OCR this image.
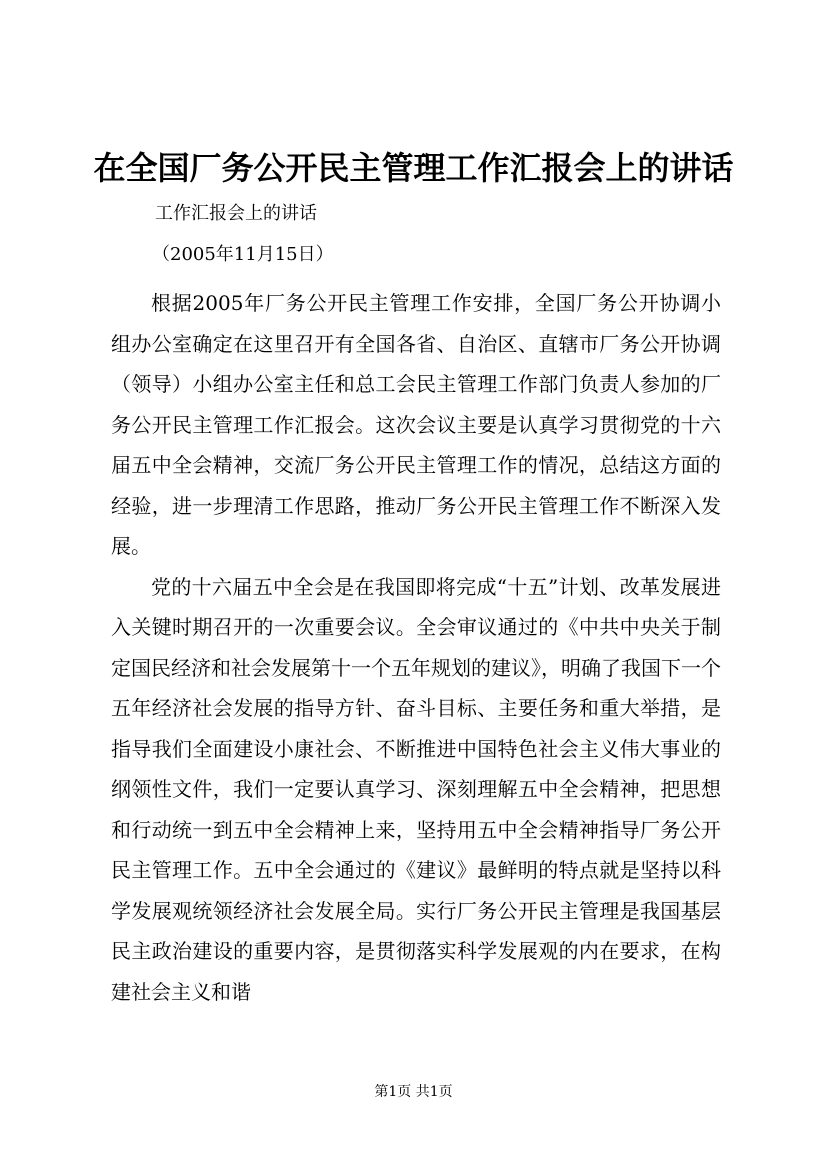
在全国厂务公开民主管理工作汇报会上的讲话
工作汇报会上的讲话
（2005年11月15日）

根据2005年厂务公开民主管理工作安排，全国厂务公开协调小组办公室确定在这里召开有全国各省、自治区、直辖市厂务公开协调（领导）小组办公室主任和总工会民主管理工作部门负责人参加的厂务公开民主管理工作汇报会。这次会议主要是认真学习贯彻党的十六届五中全会精神，交流厂务公开民主管理工作的情况，总结这方面的经验，进一步理清工作思路，推动厂务公开民主管理工作不断深入发展。

党的十六届五中全会是在我国即将完成“十五”计划、改革发展进入关键时期召开的一次重要会议。全会审议通过的《中共中央关于制定国民经济和社会发展第十一个五年规划的建议》，明确了我国下一个五年经济社会发展的指导方针、奋斗目标、主要任务和重大举措，是指导我们全面建设小康社会、不断推进中国特色社会主义伟大事业的纲领性文件，我们一定要认真学习、深刻理解五中全会精神，把思想和行动统一到五中全会精神上来，坚持用五中全会精神指导厂务公开民主管理工作。五中全会通过的《建议》最鲜明的特点就是坚持以科学发展观统领经济社会发展全局。实行厂务公开民主管理是我国基层民主政治建设的重要内容，是贯彻落实科学发展观的内在要求，在构建社会主义和谐

第1页 共1页
